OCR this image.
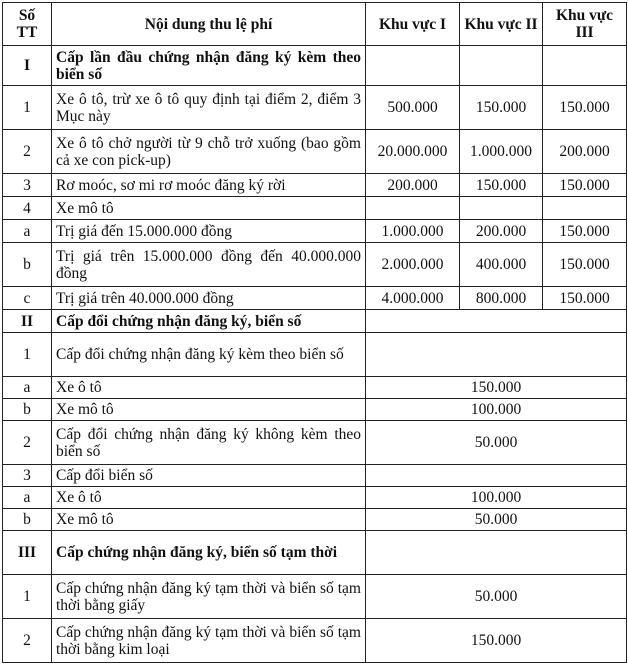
Số TT	Nội dung thu lệ phí	Khu vực I	Khu vực II	Khu vực III
I	Cấp lần đầu chứng nhận đăng ký kèm theo biển số			
1	Xe ô tô, trừ xe ô tô quy định tại điểm 2, điểm 3 Mục này	500.000	150.000	150.000
2	Xe ô tô chở người từ 9 chỗ trở xuống (bao gồm cả xe con pick-up)	20.000.000	1.000.000	200.000
3	Rơ moóc, sơ mi rơ moóc đăng ký rời	200.000	150.000	150.000
4	Xe mô tô			
a	Trị giá đến 15.000.000 đồng	1.000.000	200.000	150.000
b	Trị giá trên 15.000.000 đồng đến 40.000.000 đồng	2.000.000	400.000	150.000
c	Trị giá trên 40.000.000 đồng	4.000.000	800.000	150.000
II	Cấp đổi chứng nhận đăng ký, biển số			
1	Cấp đổi chứng nhận đăng ký kèm theo biển số			
a	Xe ô tô	150.000		
b	Xe mô tô	100.000		
2	Cấp đổi chứng nhận đăng ký không kèm theo biển số	50.000		
3	Cấp đổi biển số			
a	Xe ô tô	100.000		
b	Xe mô tô	50.000		
III	Cấp chứng nhận đăng ký, biển số tạm thời			
1	Cấp chứng nhận đăng ký tạm thời và biển số tạm thời bằng giấy	50.000		
2	Cấp chứng nhận đăng ký tạm thời và biển số tạm thời bằng kim loại	150.000		
